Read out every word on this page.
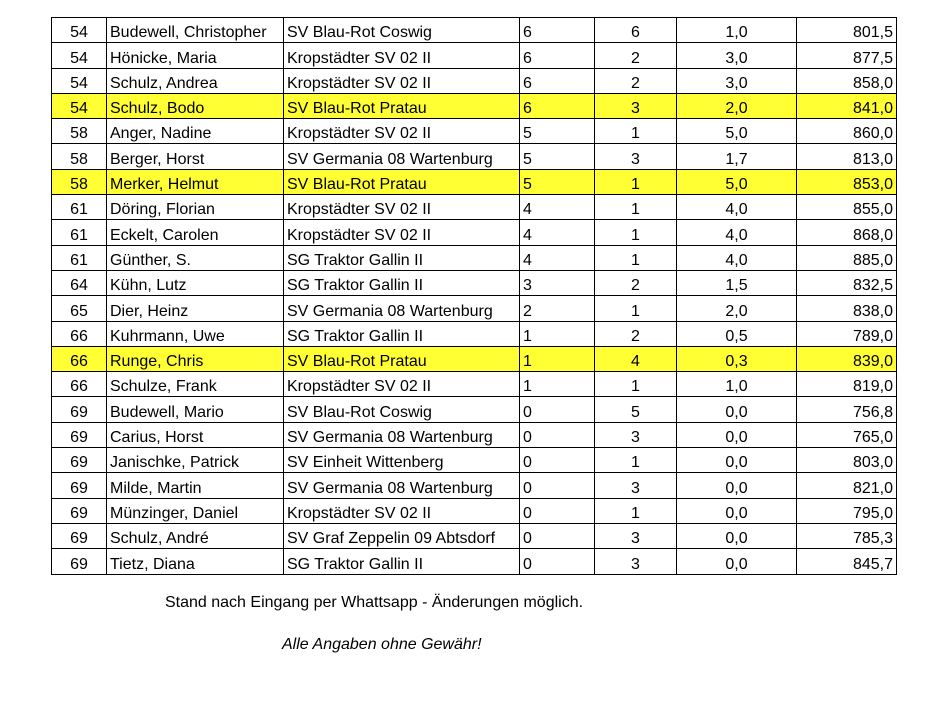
54	Budewell, Christopher	SV Blau-Rot Coswig	6	6	1,0	801,5
54	Hönicke, Maria	Kropstädter SV 02 II	6	2	3,0	877,5
54	Schulz, Andrea	Kropstädter SV 02 II	6	2	3,0	858,0
54	Schulz, Bodo	SV Blau-Rot Pratau	6	3	2,0	841,0
58	Anger, Nadine	Kropstädter SV 02 II	5	1	5,0	860,0
58	Berger, Horst	SV Germania 08 Wartenburg	5	3	1,7	813,0
58	Merker, Helmut	SV Blau-Rot Pratau	5	1	5,0	853,0
61	Döring, Florian	Kropstädter SV 02 II	4	1	4,0	855,0
61	Eckelt, Carolen	Kropstädter SV 02 II	4	1	4,0	868,0
61	Günther, S.	SG Traktor Gallin II	4	1	4,0	885,0
64	Kühn, Lutz	SG Traktor Gallin II	3	2	1,5	832,5
65	Dier, Heinz	SV Germania 08 Wartenburg	2	1	2,0	838,0
66	Kuhrmann, Uwe	SG Traktor Gallin II	1	2	0,5	789,0
66	Runge, Chris	SV Blau-Rot Pratau	1	4	0,3	839,0
66	Schulze, Frank	Kropstädter SV 02 II	1	1	1,0	819,0
69	Budewell, Mario	SV Blau-Rot Coswig	0	5	0,0	756,8
69	Carius, Horst	SV Germania 08 Wartenburg	0	3	0,0	765,0
69	Janischke, Patrick	SV Einheit Wittenberg	0	1	0,0	803,0
69	Milde, Martin	SV Germania 08 Wartenburg	0	3	0,0	821,0
69	Münzinger, Daniel	Kropstädter SV 02 II	0	1	0,0	795,0
69	Schulz, André	SV Graf Zeppelin 09 Abtsdorf	0	3	0,0	785,3
69	Tietz, Diana	SG Traktor Gallin II	0	3	0,0	845,7
Stand nach Eingang per Whattsapp - Änderungen möglich.
Alle Angaben ohne Gewähr!
